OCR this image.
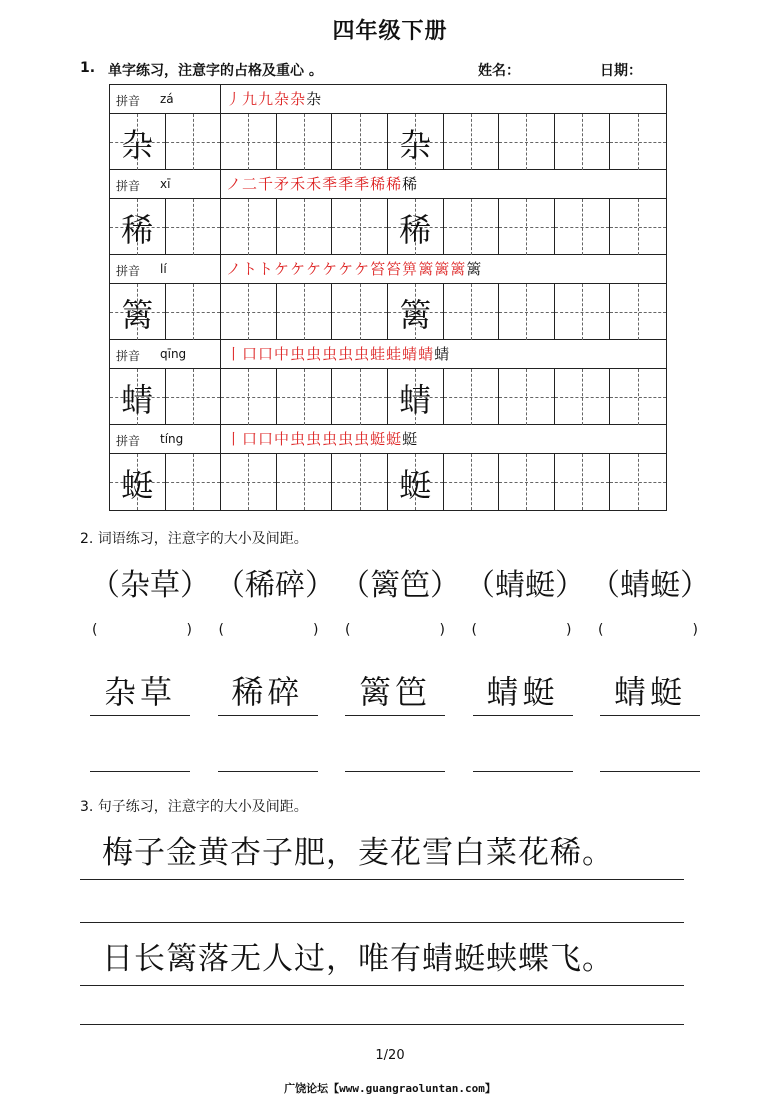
四年级下册
1. 单字练习，注意字的占格及重心 。	姓名：	日期：
拼音 zá	丿九九杂杂杂
杂	杂
拼音 xī	ノ二千矛禾禾秊秊秊稀稀稀
稀	稀
拼音 lí	ノトトケケケケケケ笞笞箅篱篱篱篱
篱	篱
拼音 qīng	丨口口中虫虫虫虫虫蛙蛙蜻蜻蜻
蜻	蜻
拼音 tíng	丨口口中虫虫虫虫虫蜓蜓蜓
蜓	蜓
2. 词语练习，注意字的大小及间距。
（杂草） （稀碎） （篱笆） （蜻蜓） （蜻蜓）
(	) (	) (	) (	) (	)
杂草	稀碎	篱笆	蜻蜓	蜻蜓
3. 句子练习，注意字的大小及间距。
梅子金黄杏子肥，麦花雪白菜花稀。
日长篱落无人过，唯有蜻蜓蛱蝶飞。
1/20
广饶论坛【www.guangraoluntan.com】
